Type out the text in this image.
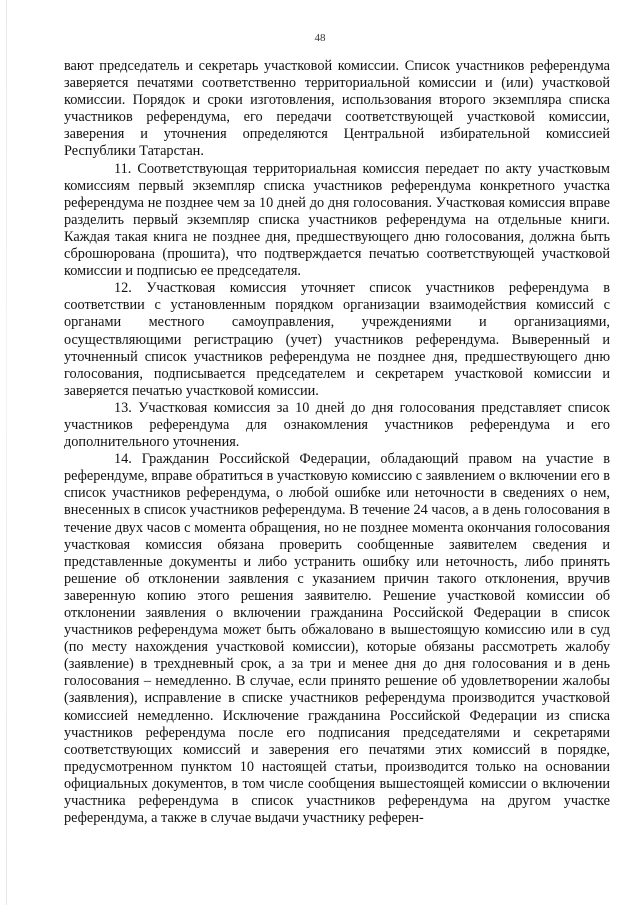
48

вают председатель и секретарь участковой комиссии. Список участников референдума заверяется печатями соответственно территориальной комиссии и (или) участковой комиссии. Порядок и сроки изготовления, использования второго экземпляра списка участников референдума, его передачи соответствующей участковой комиссии, заверения и уточнения определяются Центральной избирательной комиссией Республики Татарстан.

11. Соответствующая территориальная комиссия передает по акту участковым комиссиям первый экземпляр списка участников референдума конкретного участка референдума не позднее чем за 10 дней до дня голосования. Участковая комиссия вправе разделить первый экземпляр списка участников референдума на отдельные книги. Каждая такая книга не позднее дня, предшествующего дню голосования, должна быть сброшюрована (прошита), что подтверждается печатью соответствующей участковой комиссии и подписью ее председателя.

12. Участковая комиссия уточняет список участников референдума в соответствии с установленным порядком организации взаимодействия комиссий с органами местного самоуправления, учреждениями и организациями, осуществляющими регистрацию (учет) участников референдума. Выверенный и уточненный список участников референдума не позднее дня, предшествующего дню голосования, подписывается председателем и секретарем участковой комиссии и заверяется печатью участковой комиссии.

13. Участковая комиссия за 10 дней до дня голосования представляет список участников референдума для ознакомления участников референдума и его дополнительного уточнения.

14. Гражданин Российской Федерации, обладающий правом на участие в референдуме, вправе обратиться в участковую комиссию с заявлением о включении его в список участников референдума, о любой ошибке или неточности в сведениях о нем, внесенных в список участников референдума. В течение 24 часов, а в день голосования в течение двух часов с момента обращения, но не позднее момента окончания голосования участковая комиссия обязана проверить сообщенные заявителем сведения и представленные документы и либо устранить ошибку или неточность, либо принять решение об отклонении заявления с указанием причин такого отклонения, вручив заверенную копию этого решения заявителю. Решение участковой комиссии об отклонении заявления о включении гражданина Российской Федерации в список участников референдума может быть обжаловано в вышестоящую комиссию или в суд (по месту нахождения участковой комиссии), которые обязаны рассмотреть жалобу (заявление) в трехдневный срок, а за три и менее дня до дня голосования и в день голосования – немедленно. В случае, если принято решение об удовлетворении жалобы (заявления), исправление в списке участников референдума производится участковой комиссией немедленно. Исключение гражданина Российской Федерации из списка участников референдума после его подписания председателями и секретарями соответствующих комиссий и заверения его печатями этих комиссий в порядке, предусмотренном пунктом 10 настоящей статьи, производится только на основании официальных документов, в том числе сообщения вышестоящей комиссии о включении участника референдума в список участников референдума на другом участке референдума, а также в случае выдачи участнику референ-
